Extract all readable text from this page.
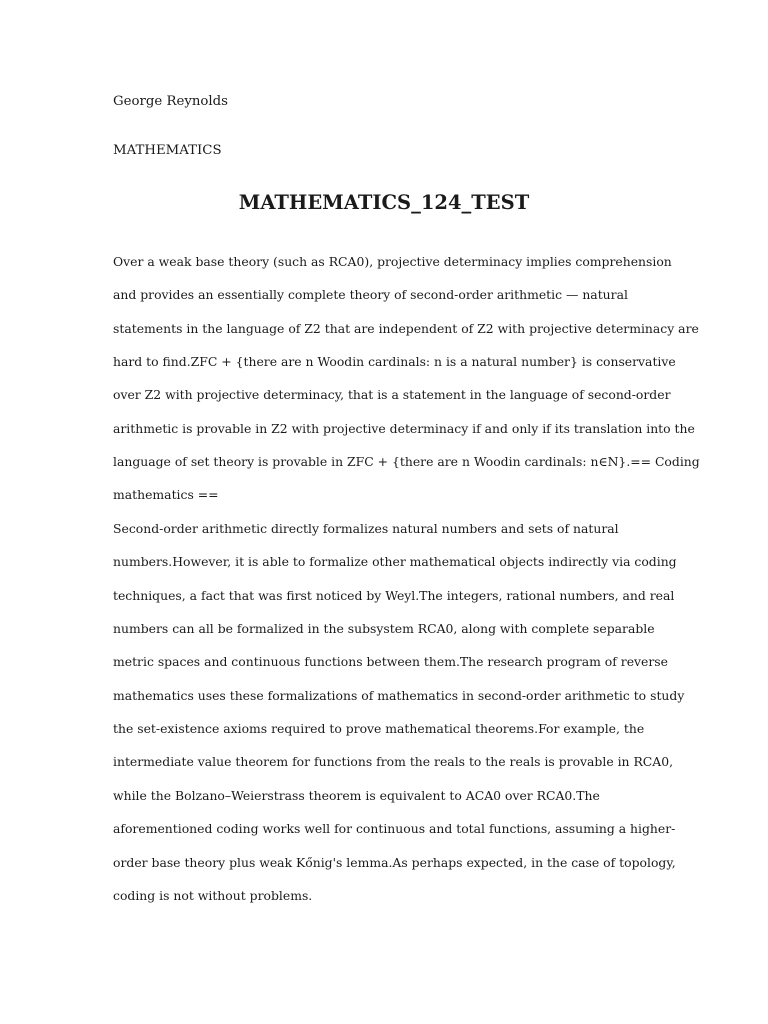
George Reynolds
MATHEMATICS
MATHEMATICS_124_TEST
Over a weak base theory (such as RCA0), projective determinacy implies comprehension
and provides an essentially complete theory of second-order arithmetic — natural
statements in the language of Z2 that are independent of Z2 with projective determinacy are
hard to find.ZFC + {there are n Woodin cardinals: n is a natural number} is conservative
over Z2 with projective determinacy, that is a statement in the language of second-order
arithmetic is provable in Z2 with projective determinacy if and only if its translation into the
language of set theory is provable in ZFC + {there are n Woodin cardinals: n∈N}.== Coding
mathematics ==
Second-order arithmetic directly formalizes natural numbers and sets of natural
numbers.However, it is able to formalize other mathematical objects indirectly via coding
techniques, a fact that was first noticed by Weyl.The integers, rational numbers, and real
numbers can all be formalized in the subsystem RCA0, along with complete separable
metric spaces and continuous functions between them.The research program of reverse
mathematics uses these formalizations of mathematics in second-order arithmetic to study
the set-existence axioms required to prove mathematical theorems.For example, the
intermediate value theorem for functions from the reals to the reals is provable in RCA0,
while the Bolzano–Weierstrass theorem is equivalent to ACA0 over RCA0.The
aforementioned coding works well for continuous and total functions, assuming a higher-
order base theory plus weak Kőnig's lemma.As perhaps expected, in the case of topology,
coding is not without problems.
